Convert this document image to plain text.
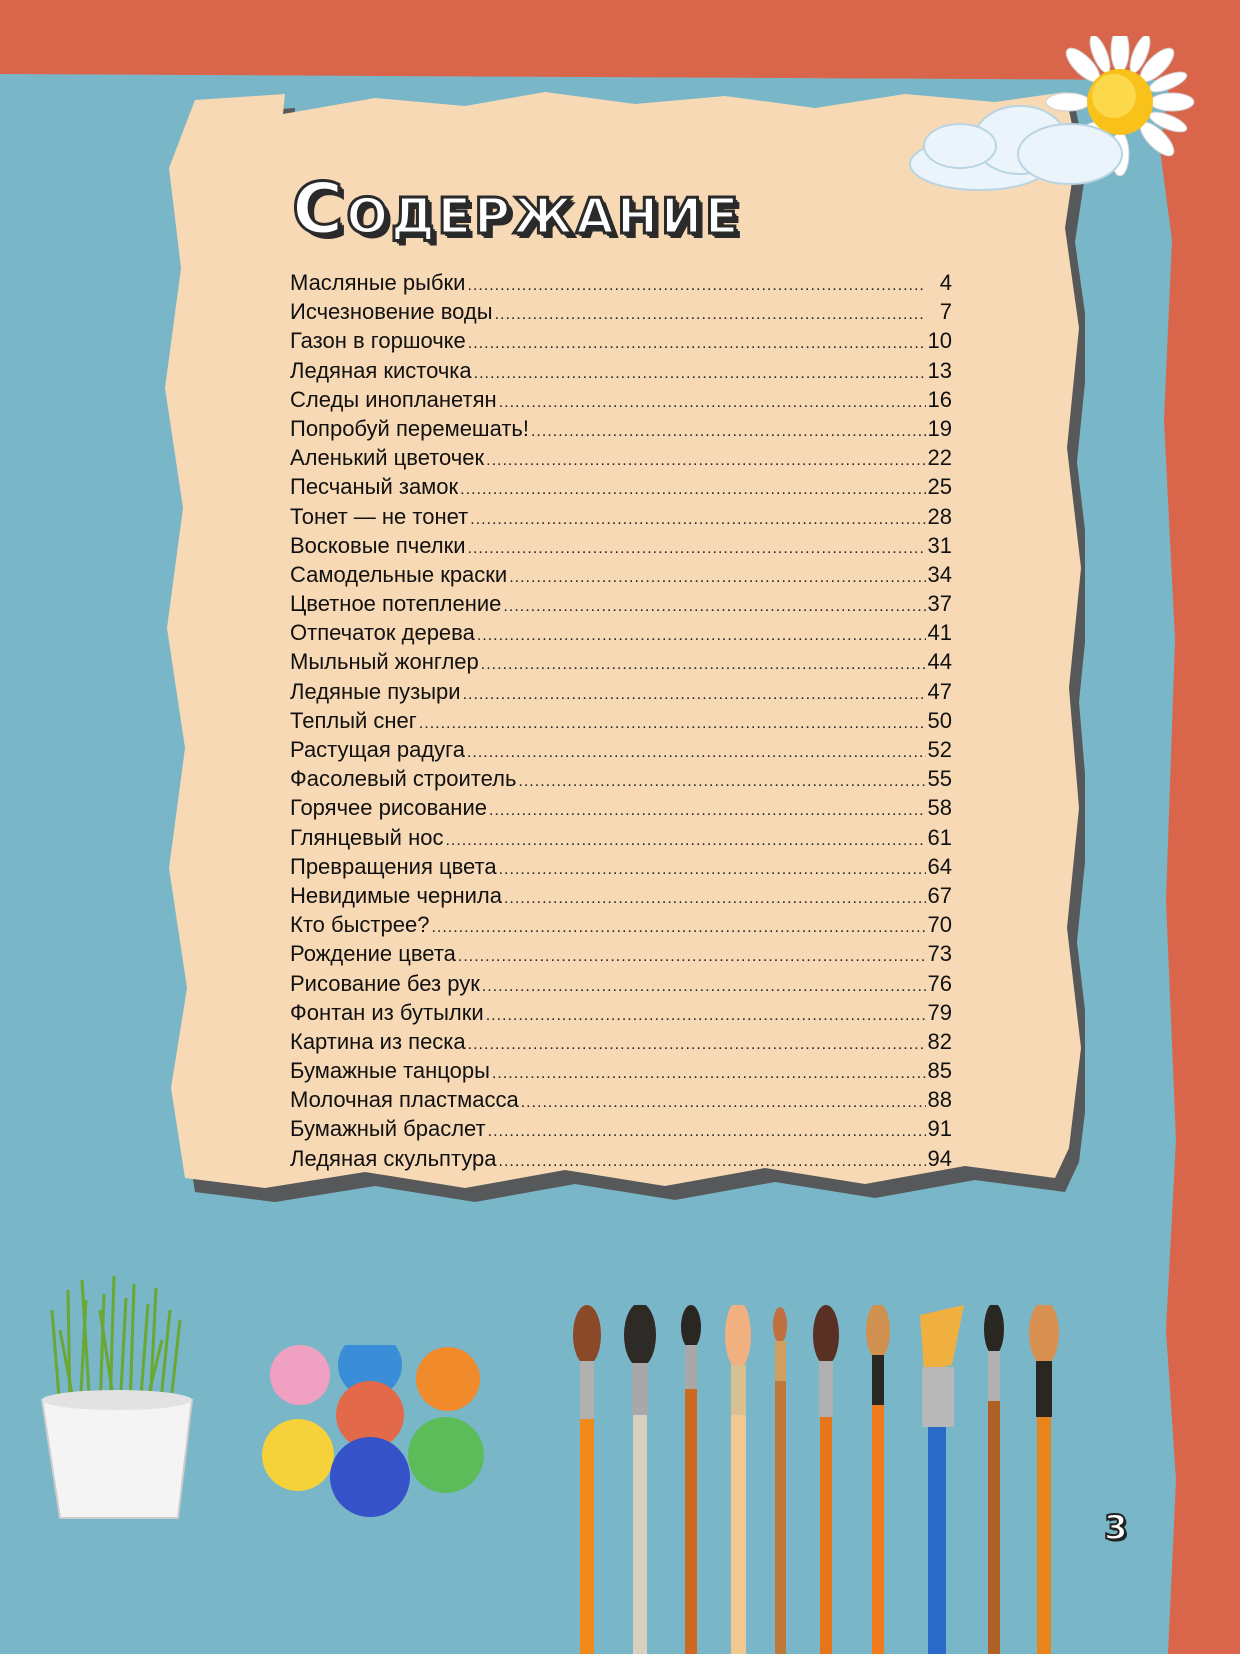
Содержание
Масляные рыбки .....	4
Исчезновение воды .....	7
Газон в горшочке .....	10
Ледяная кисточка .....	13
Следы инопланетян .....	16
Попробуй перемешать! .....	19
Аленький цветочек .....	22
Песчаный замок .....	25
Тонет — не тонет .....	28
Восковые пчелки .....	31
Самодельные краски .....	34
Цветное потепление .....	37
Отпечаток дерева .....	41
Мыльный жонглер .....	44
Ледяные пузыри .....	47
Теплый снег .....	50
Растущая радуга .....	52
Фасолевый строитель .....	55
Горячее рисование .....	58
Глянцевый нос .....	61
Превращения цвета .....	64
Невидимые чернила .....	67
Кто быстрее? .....	70
Рождение цвета .....	73
Рисование без рук .....	76
Фонтан из бутылки .....	79
Картина из песка .....	82
Бумажные танцоры .....	85
Молочная пластмасса .....	88
Бумажный браслет .....	91
Ледяная скульптура .....	94
3
